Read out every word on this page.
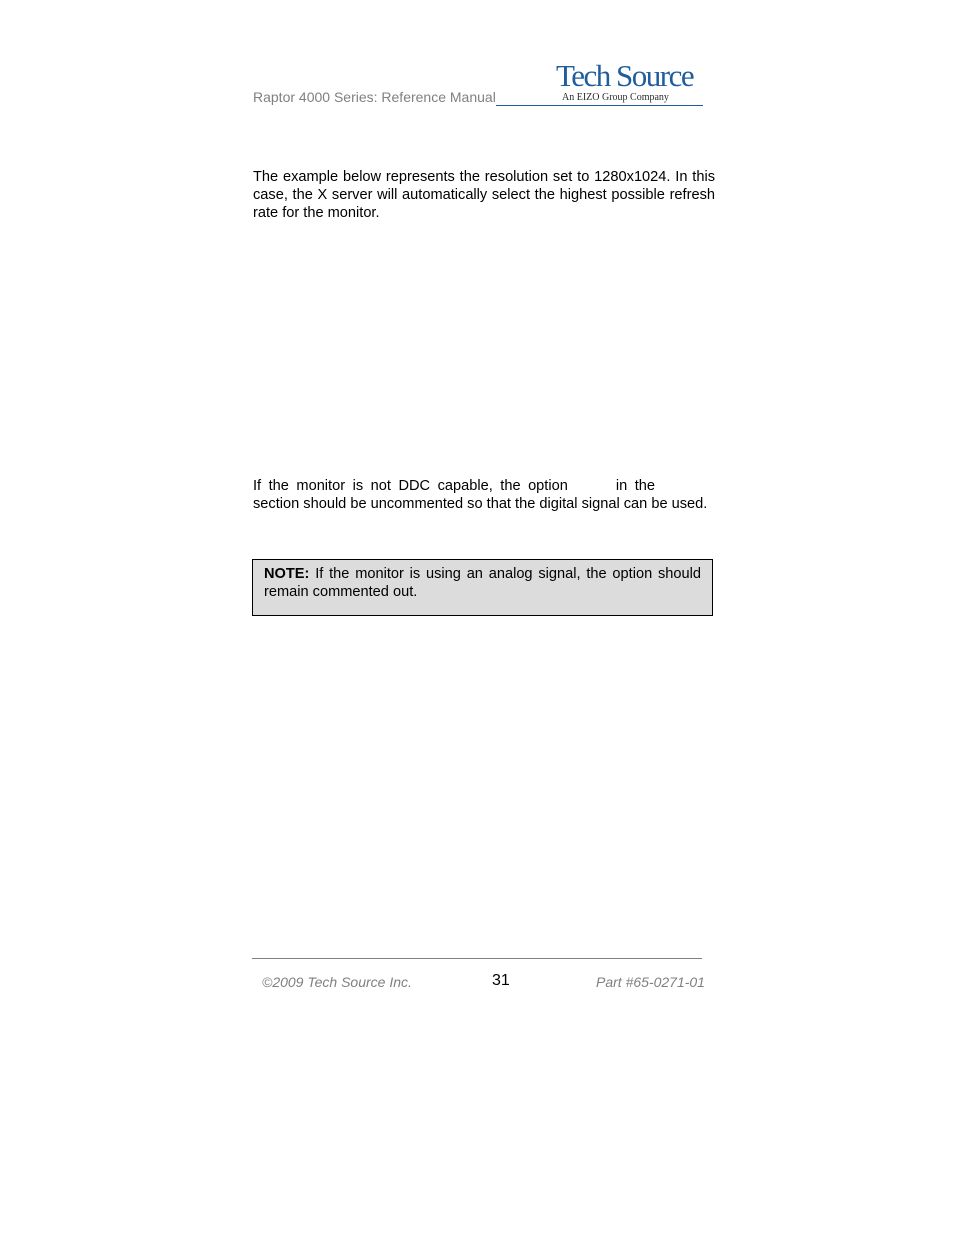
Raptor 4000 Series: Reference Manual
Tech Source
An EIZO Group Company

The example below represents the resolution set to 1280x1024. In this case, the X server will automatically select the highest possible refresh rate for the monitor.

If the monitor is not DDC capable, the option	in the section should be uncommented so that the digital signal can be used.

NOTE: If the monitor is using an analog signal, the option should remain commented out.
©2009 Tech Source Inc.	31	Part #65-0271-01
